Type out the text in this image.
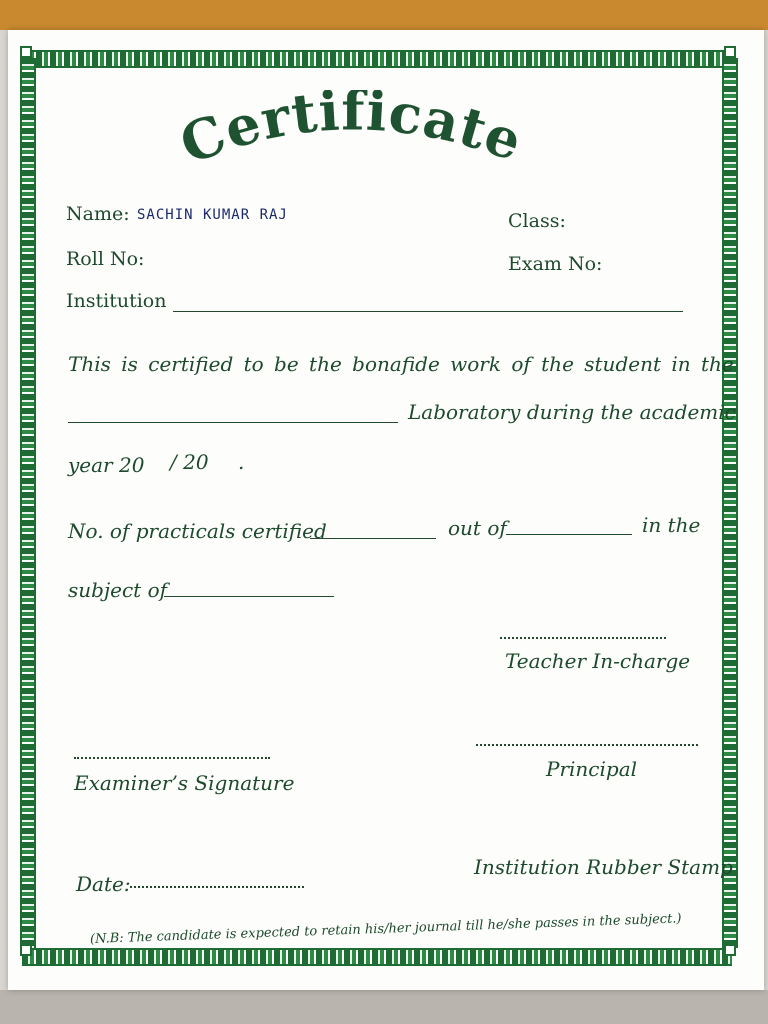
ertificate
Name: SACHIN KUMAR RAJ	Class:
Roll No:	Exam No:
Institution
This is certified to be the bonafide work of the student in the
Laboratory during the academic
year 20 / 20 .
No. of practicals certified	out of	in the
subject of
Teacher In-charge
Principal
Examiner’s Signature
Date:
Institution Rubber Stamp
(N.B: The candidate is expected to retain his/her journal till he/she passes in the subject.)
